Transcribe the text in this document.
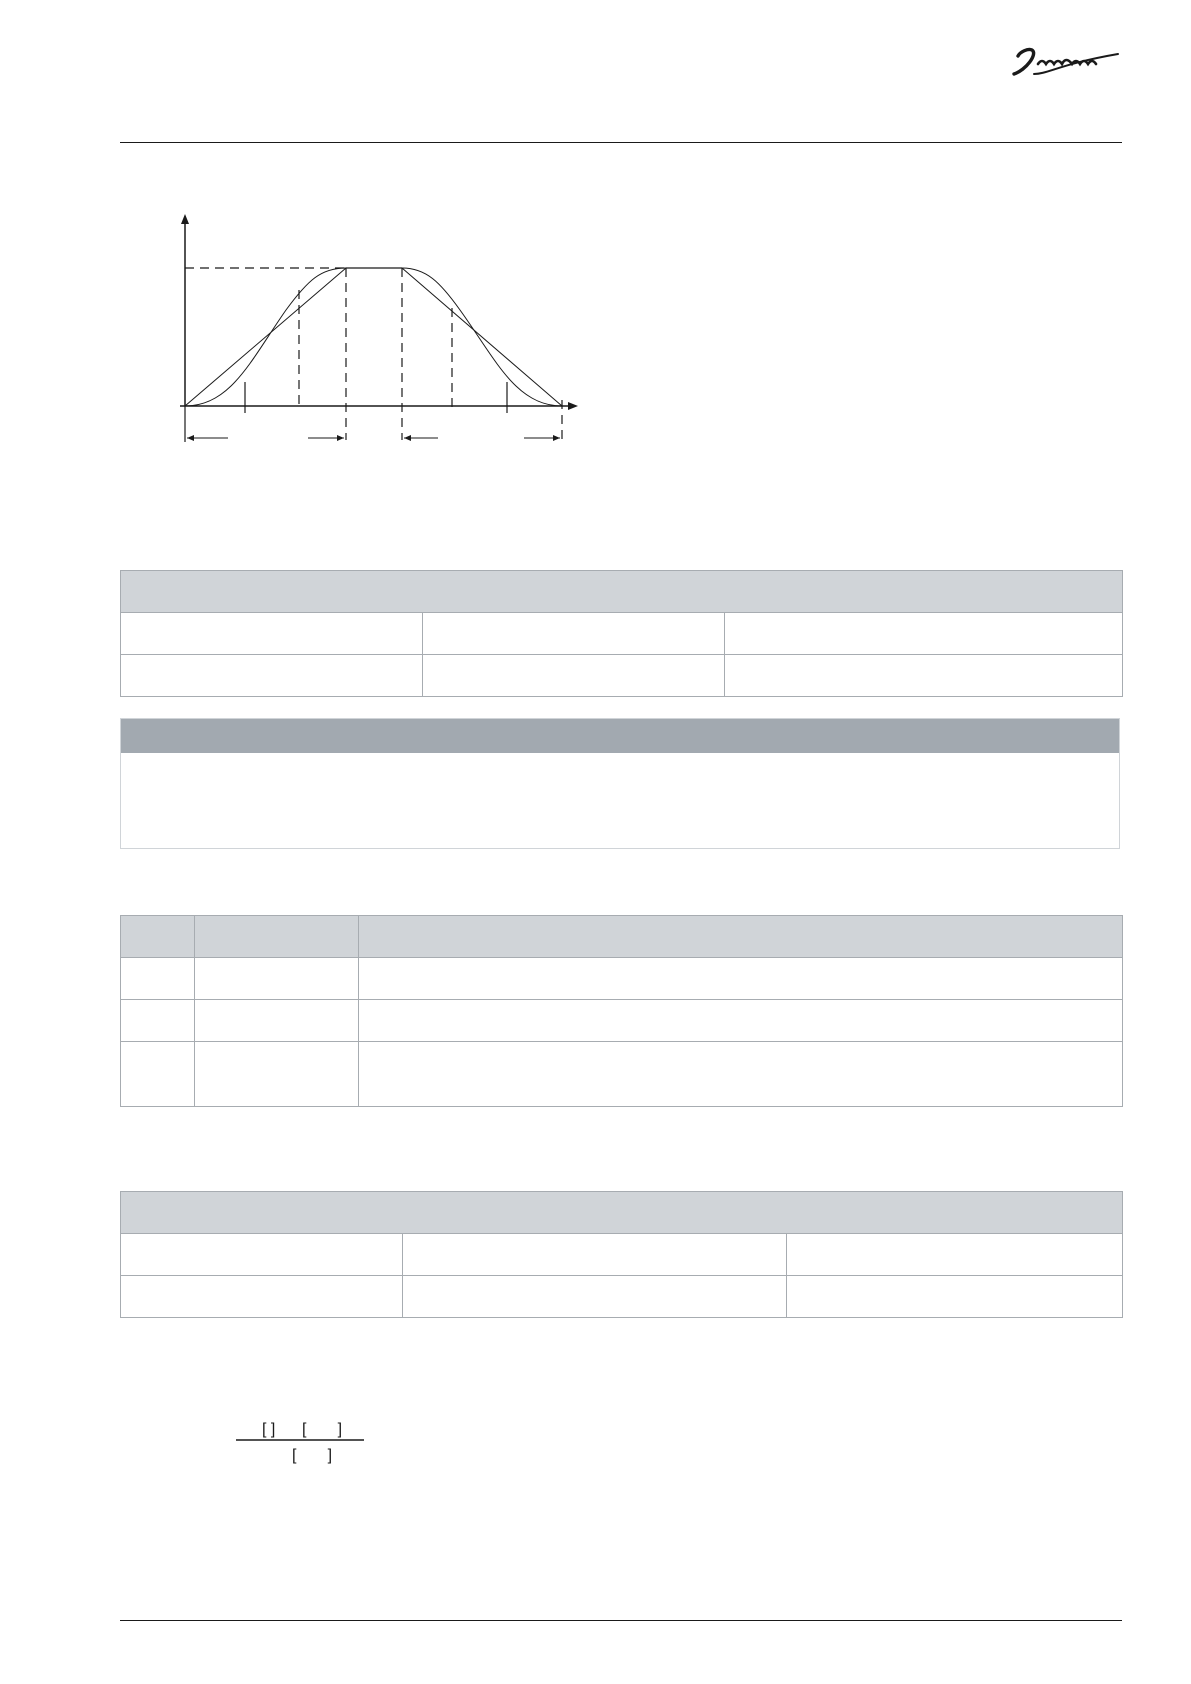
[ ]      [       ]
[       ]
